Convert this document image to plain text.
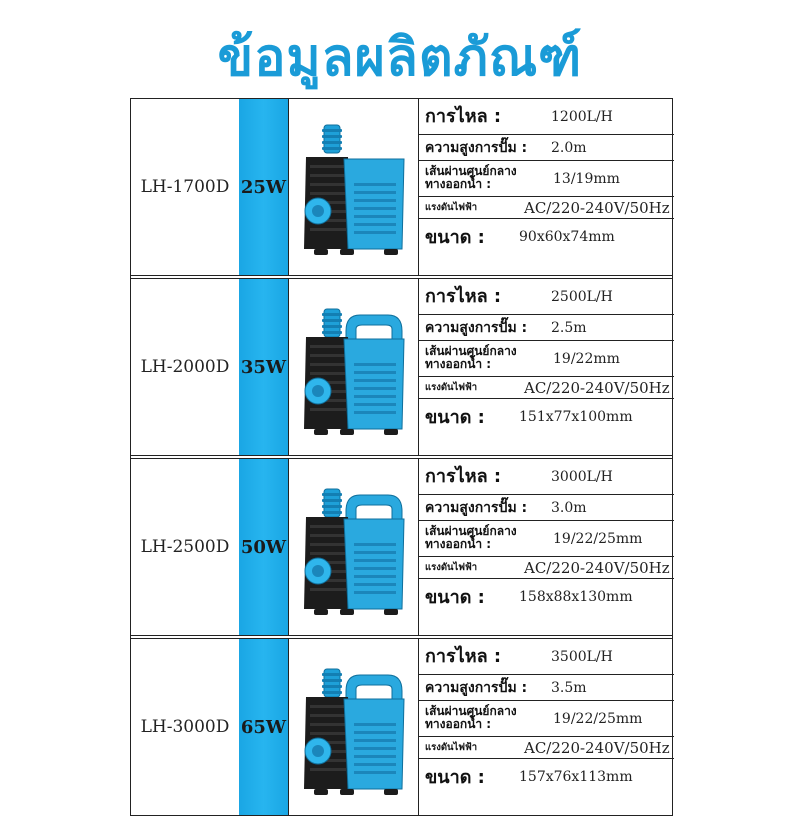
ข้อมูลผลิตภัณฑ์
LH-1700D 25W
การไหล :	1200L/H
ความสูงการปั๊ม : 2.0m
เส้นผ่านศูนย์กลาง
ทางออกน้ำ :	13/19mm
แรงดันไฟฟ้า	AC/220-240V/50Hz
ขนาด : 90x60x74mm
LH-2000D 35W
การไหล :	2500L/H
ความสูงการปั๊ม : 2.5m
เส้นผ่านศูนย์กลาง
ทางออกน้ำ :	19/22mm
แรงดันไฟฟ้า	AC/220-240V/50Hz
ขนาด : 151x77x100mm
LH-2500D 50W
การไหล :	3000L/H
ความสูงการปั๊ม : 3.0m
เส้นผ่านศูนย์กลาง
ทางออกน้ำ :	19/22/25mm
แรงดันไฟฟ้า	AC/220-240V/50Hz
ขนาด : 158x88x130mm
LH-3000D 65W
การไหล :	3500L/H
ความสูงการปั๊ม : 3.5m
เส้นผ่านศูนย์กลาง
ทางออกน้ำ :	19/22/25mm
แรงดันไฟฟ้า	AC/220-240V/50Hz
ขนาด : 157x76x113mm
